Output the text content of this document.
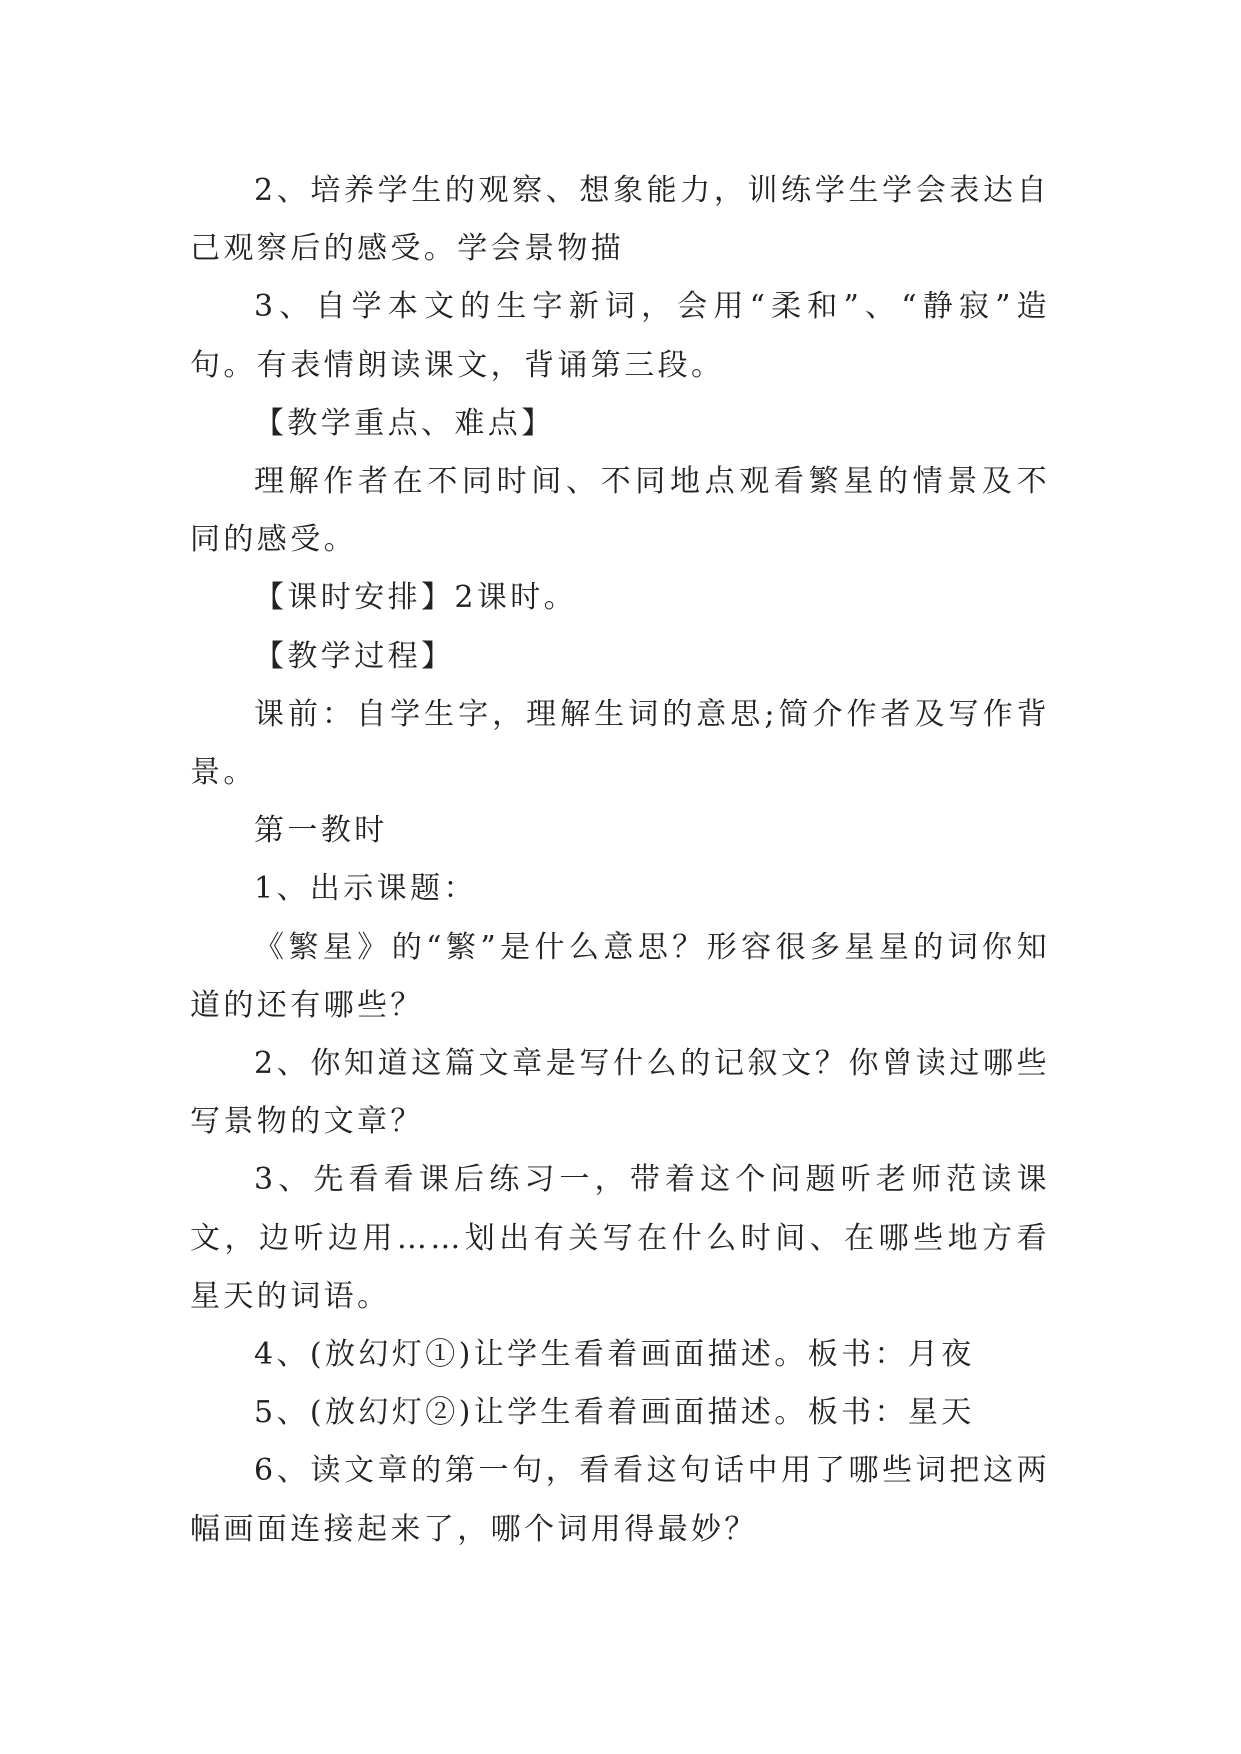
2、培养学生的观察、想象能力，训练学生学会表达自己观察后的感受。学会景物描

3、自学本文的生字新词，会用“柔和”、“静寂”造句。有表情朗读课文，背诵第三段。

【教学重点、难点】

理解作者在不同时间、不同地点观看繁星的情景及不同的感受。

【课时安排】2课时。

【教学过程】

课前：自学生字，理解生词的意思;简介作者及写作背景。

第一教时

1、出示课题：

《繁星》的“繁”是什么意思？形容很多星星的词你知道的还有哪些？

2、你知道这篇文章是写什么的记叙文？你曾读过哪些写景物的文章？

3、先看看课后练习一，带着这个问题听老师范读课文，边听边用……划出有关写在什么时间、在哪些地方看星天的词语。

4、(放幻灯①)让学生看着画面描述。板书：月夜

5、(放幻灯②)让学生看着画面描述。板书：星天

6、读文章的第一句，看看这句话中用了哪些词把这两幅画面连接起来了，哪个词用得最妙？
